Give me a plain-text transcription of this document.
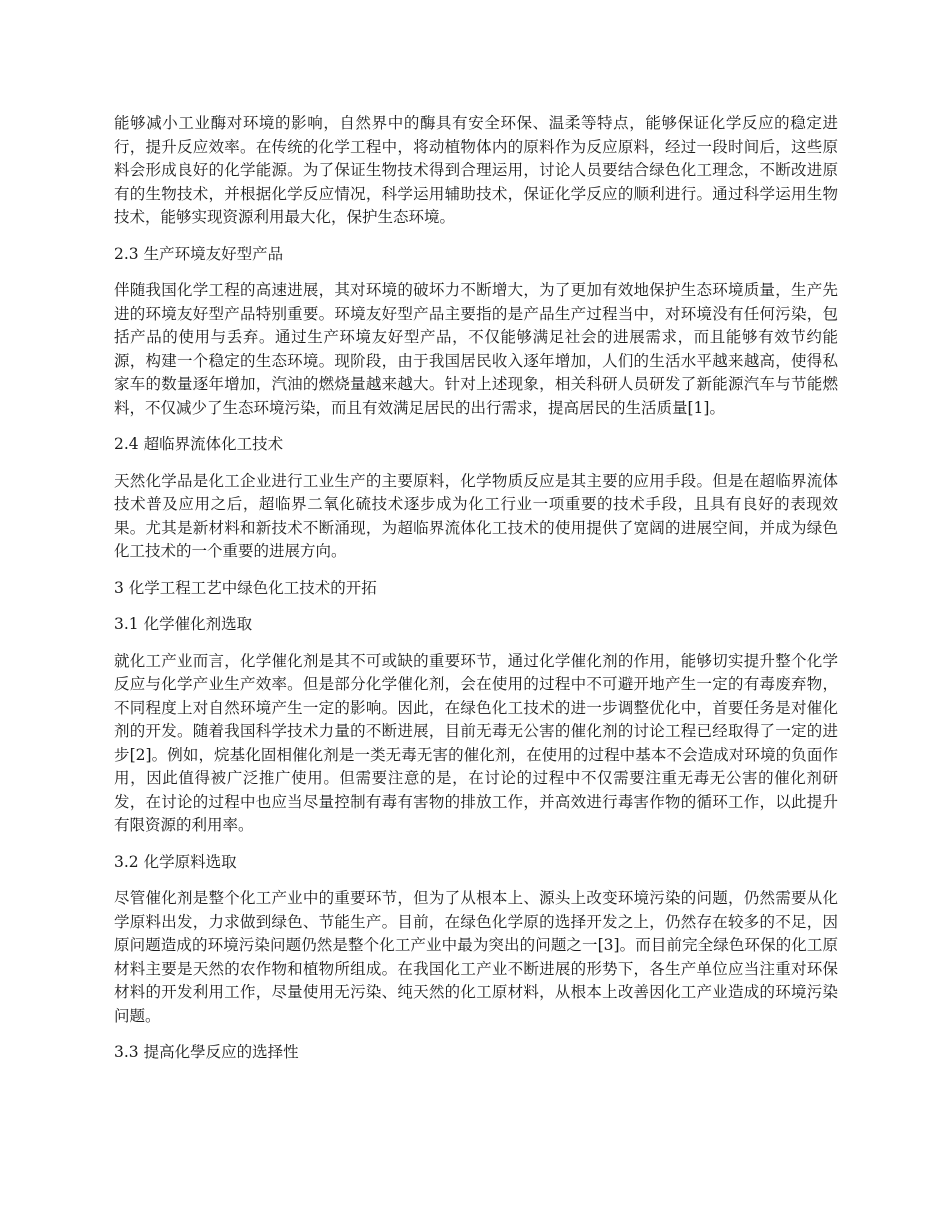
能够减小工业酶对环境的影响，自然界中的酶具有安全环保、温柔等特点，能够保证化学反应的稳定进行，提升反应效率。在传统的化学工程中，将动植物体内的原料作为反应原料，经过一段时间后，这些原料会形成良好的化学能源。为了保证生物技术得到合理运用，讨论人员要结合绿色化工理念，不断改进原有的生物技术，并根据化学反应情况，科学运用辅助技术，保证化学反应的顺利进行。通过科学运用生物技术，能够实现资源利用最大化，保护生态环境。

2.3 生产环境友好型产品

伴随我国化学工程的高速进展，其对环境的破坏力不断增大，为了更加有效地保护生态环境质量，生产先进的环境友好型产品特别重要。环境友好型产品主要指的是产品生产过程当中，对环境没有任何污染，包括产品的使用与丢弃。通过生产环境友好型产品，不仅能够满足社会的进展需求，而且能够有效节约能源，构建一个稳定的生态环境。现阶段，由于我国居民收入逐年增加，人们的生活水平越来越高，使得私家车的数量逐年增加，汽油的燃烧量越来越大。针对上述现象，相关科研人员研发了新能源汽车与节能燃料，不仅减少了生态环境污染，而且有效满足居民的出行需求，提高居民的生活质量[1]。

2.4 超临界流体化工技术

天然化学品是化工企业进行工业生产的主要原料，化学物质反应是其主要的应用手段。但是在超临界流体技术普及应用之后，超临界二氧化硫技术逐步成为化工行业一项重要的技术手段，且具有良好的表现效果。尤其是新材料和新技术不断涌现，为超临界流体化工技术的使用提供了宽阔的进展空间，并成为绿色化工技术的一个重要的进展方向。

3 化学工程工艺中绿色化工技术的开拓
3.1 化学催化剂选取

就化工产业而言，化学催化剂是其不可或缺的重要环节，通过化学催化剂的作用，能够切实提升整个化学反应与化学产业生产效率。但是部分化学催化剂，会在使用的过程中不可避开地产生一定的有毒废弃物，不同程度上对自然环境产生一定的影响。因此，在绿色化工技术的进一步调整优化中，首要任务是对催化剂的开发。随着我国科学技术力量的不断进展，目前无毒无公害的催化剂的讨论工程已经取得了一定的进步[2]。例如，烷基化固相催化剂是一类无毒无害的催化剂，在使用的过程中基本不会造成对环境的负面作用，因此值得被广泛推广使用。但需要注意的是，在讨论的过程中不仅需要注重无毒无公害的催化剂研发，在讨论的过程中也应当尽量控制有毒有害物的排放工作，并高效进行毒害作物的循环工作，以此提升有限资源的利用率。

3.2 化学原料选取

尽管催化剂是整个化工产业中的重要环节，但为了从根本上、源头上改变环境污染的问题，仍然需要从化学原料出发，力求做到绿色、节能生产。目前，在绿色化学原的选择开发之上，仍然存在较多的不足，因原问题造成的环境污染问题仍然是整个化工产业中最为突出的问题之一[3]。而目前完全绿色环保的化工原材料主要是天然的农作物和植物所组成。在我国化工产业不断进展的形势下，各生产单位应当注重对环保材料的开发利用工作，尽量使用无污染、纯天然的化工原材料，从根本上改善因化工产业造成的环境污染问题。

3.3 提高化學反应的选择性
